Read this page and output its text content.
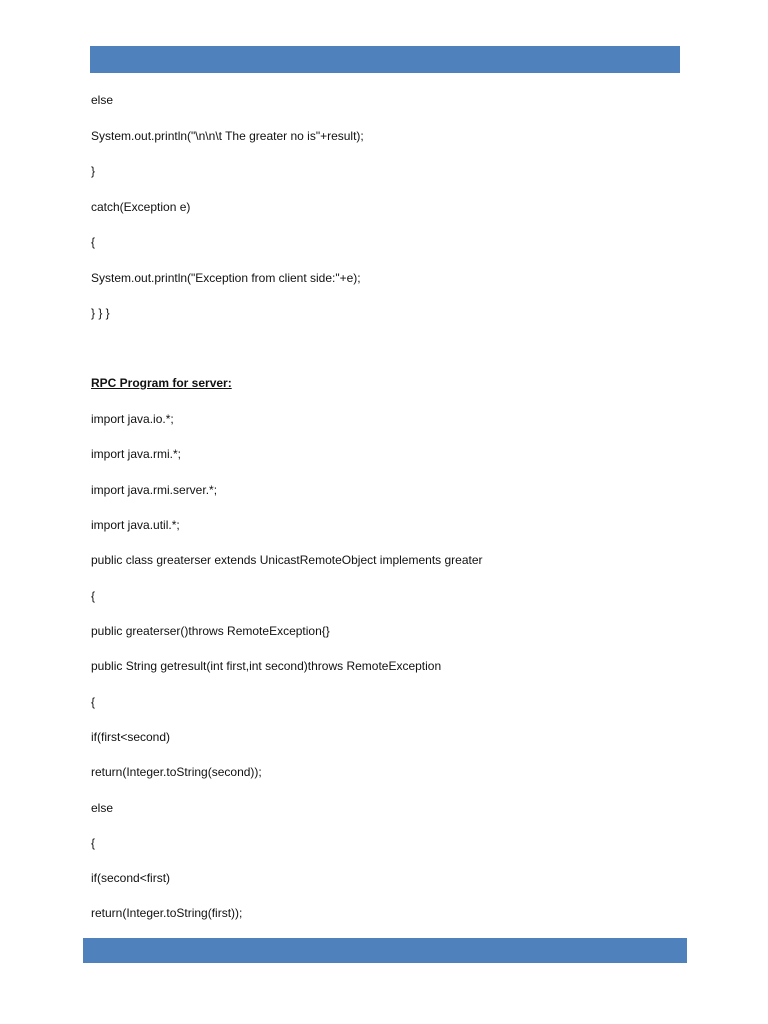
else
System.out.println("\n\n\t The greater no is"+result);
}
catch(Exception e)
{
System.out.println("Exception from client side:"+e);
} } }
RPC Program for server:
import java.io.*;
import java.rmi.*;
import java.rmi.server.*;
import java.util.*;
public class greaterser extends UnicastRemoteObject implements greater
{
public greaterser()throws RemoteException{}
public String getresult(int first,int second)throws RemoteException
{
if(first<second)
return(Integer.toString(second));
else
{
if(second<first)
return(Integer.toString(first));
